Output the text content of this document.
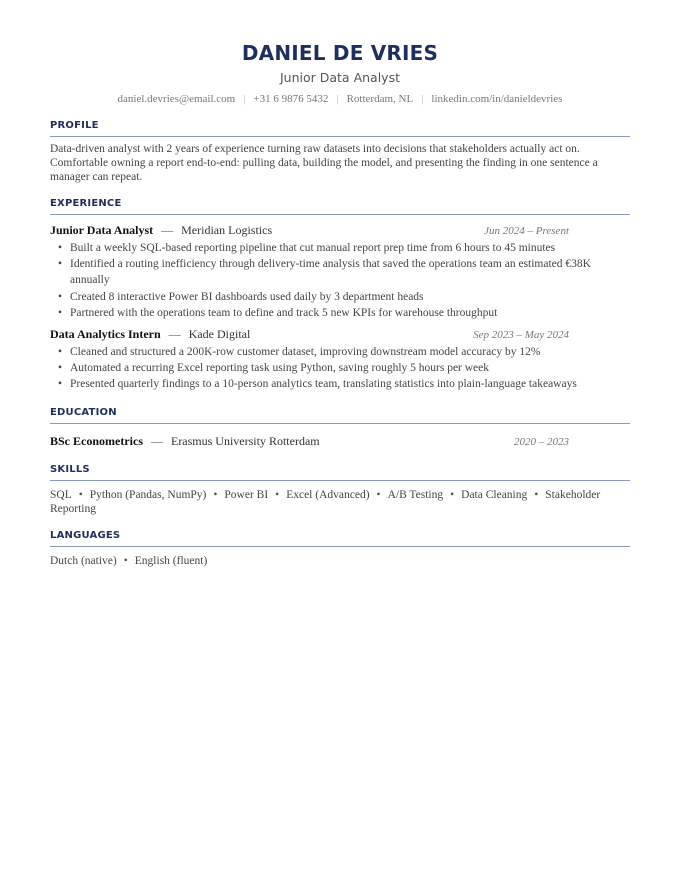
DANIEL DE VRIES
Junior Data Analyst
daniel.devries@email.com | +31 6 9876 5432 | Rotterdam, NL | linkedin.com/in/danieldevries
PROFILE
Data-driven analyst with 2 years of experience turning raw datasets into decisions that stakeholders actually act on. Comfortable owning a report end-to-end: pulling data, building the model, and presenting the finding in one sentence a manager can repeat.
EXPERIENCE
Junior Data Analyst — Meridian Logistics	Jun 2024 – Present
• Built a weekly SQL-based reporting pipeline that cut manual report prep time from 6 hours to 45 minutes
• Identified a routing inefficiency through delivery-time analysis that saved the operations team an estimated €38K annually
• Created 8 interactive Power BI dashboards used daily by 3 department heads
• Partnered with the operations team to define and track 5 new KPIs for warehouse throughput
Data Analytics Intern — Kade Digital	Sep 2023 – May 2024
• Cleaned and structured a 200K-row customer dataset, improving downstream model accuracy by 12%
• Automated a recurring Excel reporting task using Python, saving roughly 5 hours per week
• Presented quarterly findings to a 10-person analytics team, translating statistics into plain-language takeaways
EDUCATION
BSc Econometrics — Erasmus University Rotterdam	2020 – 2023
SKILLS
SQL • Python (Pandas, NumPy) • Power BI • Excel (Advanced) • A/B Testing • Data Cleaning • Stakeholder Reporting
LANGUAGES
Dutch (native) • English (fluent)
